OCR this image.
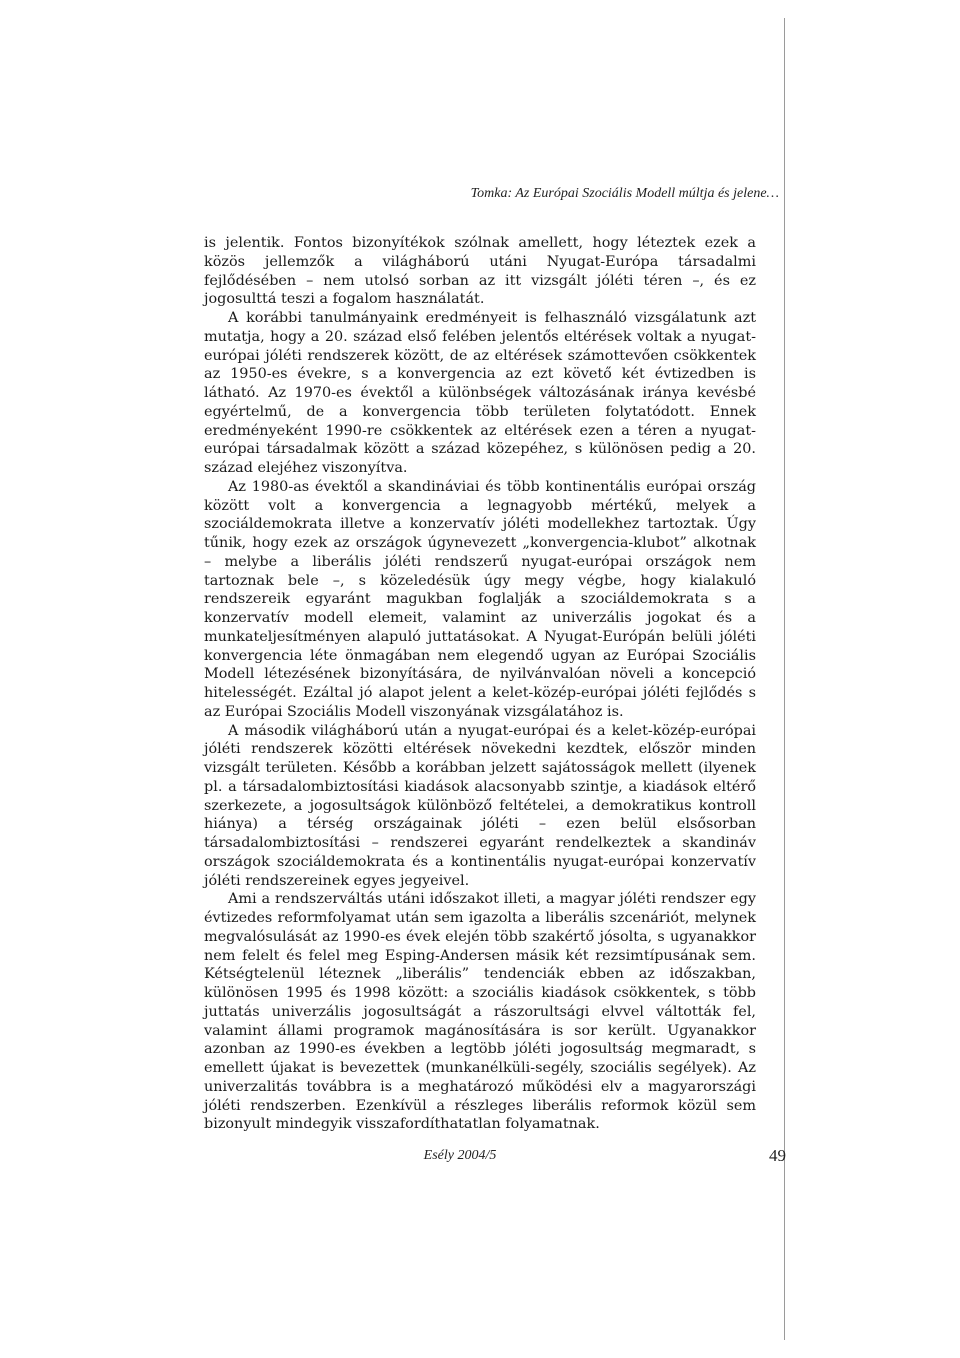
Tomka: Az Európai Szociális Modell múltja és jelene…

is jelentik. Fontos bizonyítékok szólnak amellett, hogy léteztek ezek a közös jellemzők a világháború utáni Nyugat-Európa társadalmi fejlődésében – nem utolsó sorban az itt vizsgált jóléti téren –, és ez jogosulttá teszi a fogalom használatát.

A korábbi tanulmányaink eredményeit is felhasználó vizsgálatunk azt mutatja, hogy a 20. század első felében jelentős eltérések voltak a nyugat-európai jóléti rendszerek között, de az eltérések számottevően csökkentek az 1950-es évekre, s a konvergencia az ezt követő két évtizedben is látható. Az 1970-es évektől a különbségek változásának iránya kevésbé egyértelmű, de a konvergencia több területen folytatódott. Ennek eredményeként 1990-re csökkentek az eltérések ezen a téren a nyugat-európai társadalmak között a század közepéhez, s különösen pedig a 20. század elejéhez viszonyítva.

Az 1980-as évektől a skandináviai és több kontinentális európai ország között volt a konvergencia a legnagyobb mértékű, melyek a szociáldemokrata illetve a konzervatív jóléti modellekhez tartoztak. Úgy tűnik, hogy ezek az országok úgynevezett „konvergencia-klubot” alkotnak – melybe a liberális jóléti rendszerű nyugat-európai országok nem tartoznak bele –, s közeledésük úgy megy végbe, hogy kialakuló rendszereik egyaránt magukban foglalják a szociáldemokrata s a konzervatív modell elemeit, valamint az univerzális jogokat és a munkateljesítményen alapuló juttatásokat. A Nyugat-Európán belüli jóléti konvergencia léte önmagában nem elegendő ugyan az Európai Szociális Modell létezésének bizonyítására, de nyilvánvalóan növeli a koncepció hitelességét. Ezáltal jó alapot jelent a kelet-közép-európai jóléti fejlődés s az Európai Szociális Modell viszonyának vizsgálatához is.

A második világháború után a nyugat-európai és a kelet-közép-európai jóléti rendszerek közötti eltérések növekedni kezdtek, először minden vizsgált területen. Később a korábban jelzett sajátosságok mellett (ilyenek pl. a társadalombiztosítási kiadások alacsonyabb szintje, a kiadások eltérő szerkezete, a jogosultságok különböző feltételei, a demokratikus kontroll hiánya) a térség országainak jóléti – ezen belül elsősorban társadalombiztosítási – rendszerei egyaránt rendelkeztek a skandináv országok szociáldemokrata és a kontinentális nyugat-európai konzervatív jóléti rendszereinek egyes jegyeivel.

Ami a rendszerváltás utáni időszakot illeti, a magyar jóléti rendszer egy évtizedes reformfolyamat után sem igazolta a liberális szcenáriót, melynek megvalósulását az 1990-es évek elején több szakértő jósolta, s ugyanakkor nem felelt és felel meg Esping-Andersen másik két rezsimtípusának sem. Kétségtelenül léteznek „liberális” tendenciák ebben az időszakban, különösen 1995 és 1998 között: a szociális kiadások csökkentek, s több juttatás univerzális jogosultságát a rászorultsági elvvel váltották fel, valamint állami programok magánosítására is sor került. Ugyanakkor azonban az 1990-es években a legtöbb jóléti jogosultság megmaradt, s emellett újakat is bevezettek (munkanélküli-segély, szociális segélyek). Az univerzalitás továbbra is a meghatározó működési elv a magyarországi jóléti rendszerben. Ezenkívül a részleges liberális reformok közül sem bizonyult mindegyik visszafordíthatatlan folyamatnak.

Esély 2004/5	49
